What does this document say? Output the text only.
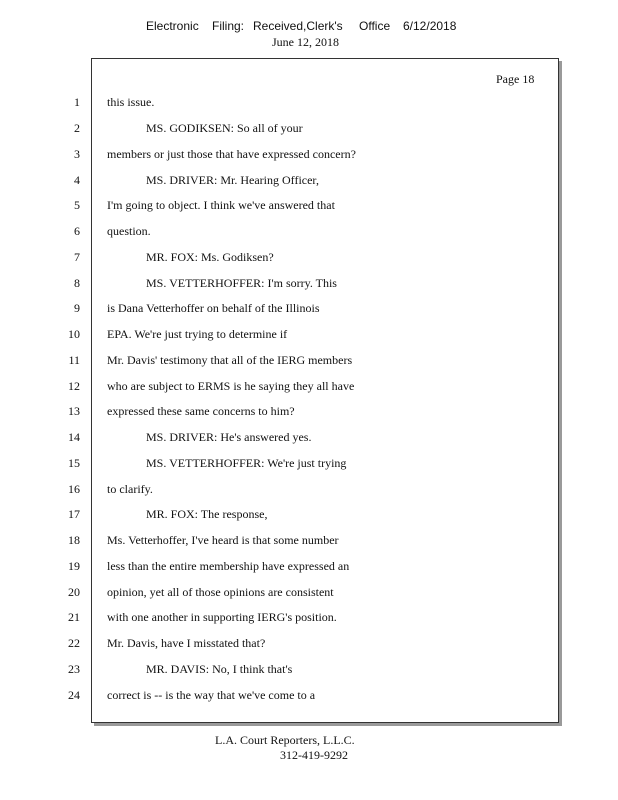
Electronic Filing: Received,Clerk's Office 6/12/2018
June 12, 2018
Page 18
1 this issue.
2	MS. GODIKSEN: So all of your
3 members or just those that have expressed concern?
4	MS. DRIVER: Mr. Hearing Officer,
5 I'm going to object. I think we've answered that
6 question.
7	MR. FOX: Ms. Godiksen?
8	MS. VETTERHOFFER: I'm sorry. This
9 is Dana Vetterhoffer on behalf of the Illinois
10 EPA. We're just trying to determine if
11 Mr. Davis' testimony that all of the IERG members
12 who are subject to ERMS is he saying they all have
13 expressed these same concerns to him?
14	MS. DRIVER: He's answered yes.
15	MS. VETTERHOFFER: We're just trying
16 to clarify.
17	MR. FOX: The response,
18 Ms. Vetterhoffer, I've heard is that some number
19 less than the entire membership have expressed an
20 opinion, yet all of those opinions are consistent
21 with one another in supporting IERG's position.
22 Mr. Davis, have I misstated that?
23	MR. DAVIS: No, I think that's
24 correct is -- is the way that we've come to a
L.A. Court Reporters, L.L.C.
312-419-9292
